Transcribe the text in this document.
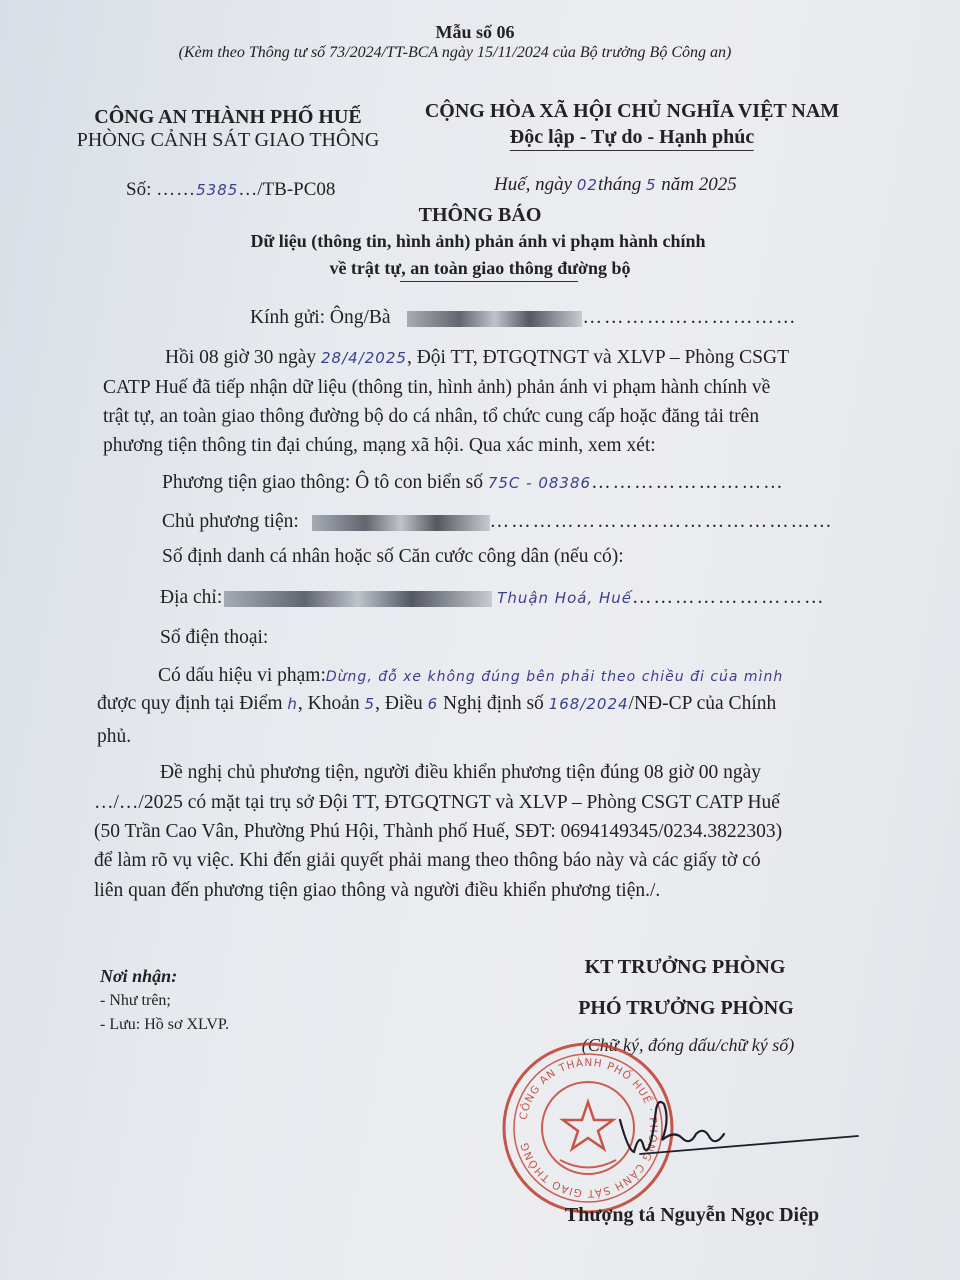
Mẫu số 06
(Kèm theo Thông tư số 73/2024/TT-BCA ngày 15/11/2024 của Bộ trưởng Bộ Công an)
CÔNG AN THÀNH PHỐ HUẾ
PHÒNG CẢNH SÁT GIAO THÔNG
CỘNG HÒA XÃ HỘI CHỦ NGHĨA VIỆT NAM
Độc lập - Tự do - Hạnh phúc
Số: ……5385…/TB-PC08	Huế, ngày 02tháng 5 năm 2025
THÔNG BÁO
Dữ liệu (thông tin, hình ảnh) phản ánh vi phạm hành chính
về trật tự, an toàn giao thông đường bộ
Kính gửi: Ông/Bà	…………………………
Hồi 08 giờ 30 ngày 28/4/2025, Đội TT, ĐTGQTNGT và XLVP – Phòng CSGT
CATP Huế đã tiếp nhận dữ liệu (thông tin, hình ảnh) phản ánh vi phạm hành chính về
trật tự, an toàn giao thông đường bộ do cá nhân, tổ chức cung cấp hoặc đăng tải trên
phương tiện thông tin đại chúng, mạng xã hội. Qua xác minh, xem xét:
Phương tiện giao thông: Ô tô con biển số 75C - 08386………………………
Chủ phương tiện:	…………………………………………
Số định danh cá nhân hoặc số Căn cước công dân (nếu có):
Địa chỉ:	Thuận Hoá, Huế………………………
Số điện thoại:
Có dấu hiệu vi phạm:Dừng, đỗ xe không đúng bên phải theo chiều đi của mình
được quy định tại Điểm h, Khoản 5, Điều 6 Nghị định số 168/2024/NĐ-CP của Chính
phủ.
Đề nghị chủ phương tiện, người điều khiển phương tiện đúng 08 giờ 00 ngày
…/…/2025 có mặt tại trụ sở Đội TT, ĐTGQTNGT và XLVP – Phòng CSGT CATP Huế
(50 Trần Cao Vân, Phường Phú Hội, Thành phố Huế, SĐT: 0694149345/0234.3822303)
để làm rõ vụ việc. Khi đến giải quyết phải mang theo thông báo này và các giấy tờ có
liên quan đến phương tiện giao thông và người điều khiển phương tiện./.
Nơi nhận:
- Như trên;
- Lưu: Hồ sơ XLVP.
KT TRƯỞNG PHÒNG
PHÓ TRƯỞNG PHÒNG
(Chữ ký, đóng dấu/chữ ký số)
CÔNG AN THÀNH PHỐ HUẾ · PHÒNG CẢNH SÁT GIAO THÔNG
Thượng tá Nguyễn Ngọc Diệp
